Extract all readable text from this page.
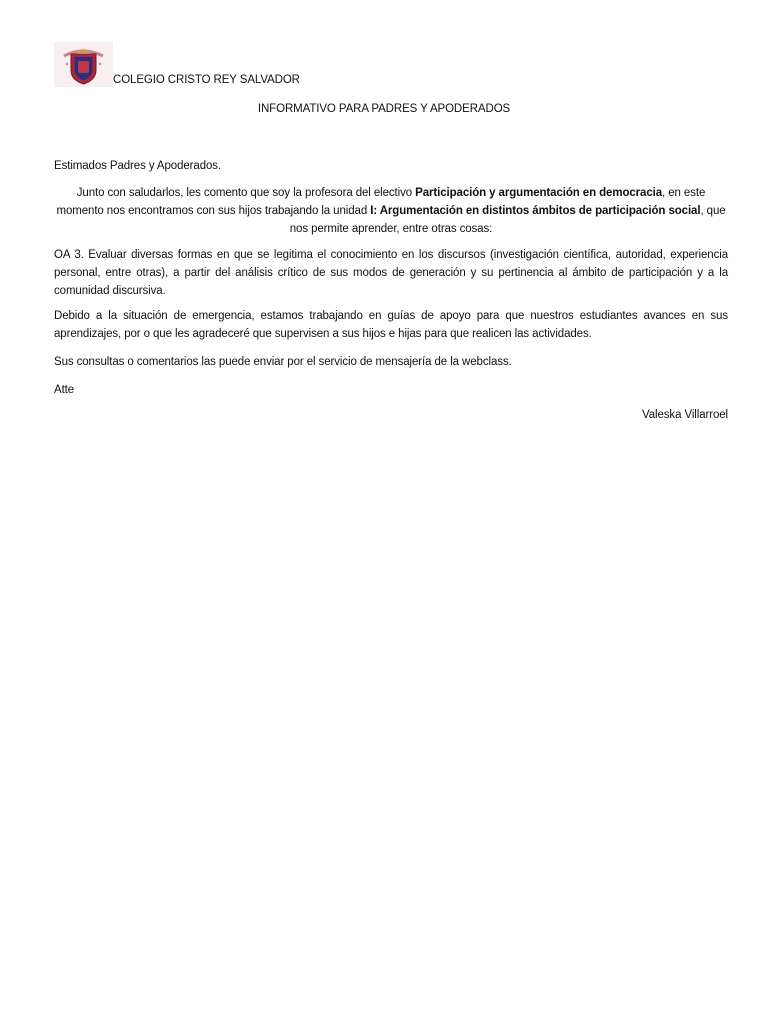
COLEGIO CRISTO REY SALVADOR
INFORMATIVO PARA PADRES Y APODERADOS
Estimados Padres y Apoderados.
Junto con saludarlos, les comento que soy la profesora del electivo Participación y argumentación en democracia, en este momento nos encontramos con sus hijos trabajando la unidad I: Argumentación en distintos ámbitos de participación social, que nos permite aprender, entre otras cosas:
OA 3. Evaluar diversas formas en que se legitima el conocimiento en los discursos (investigación científica, autoridad, experiencia personal, entre otras), a partir del análisis crítico de sus modos de generación y su pertinencia al ámbito de participación y a la comunidad discursiva.
Debido a la situación de emergencia, estamos trabajando en guías de apoyo para que nuestros estudiantes avances en sus aprendizajes, por o que les agradeceré que supervisen a sus hijos e hijas para que realicen las actividades.
Sus consultas o comentarios las puede enviar por el servicio de mensajería de la webclass.
Atte
Valeska Villarroel
